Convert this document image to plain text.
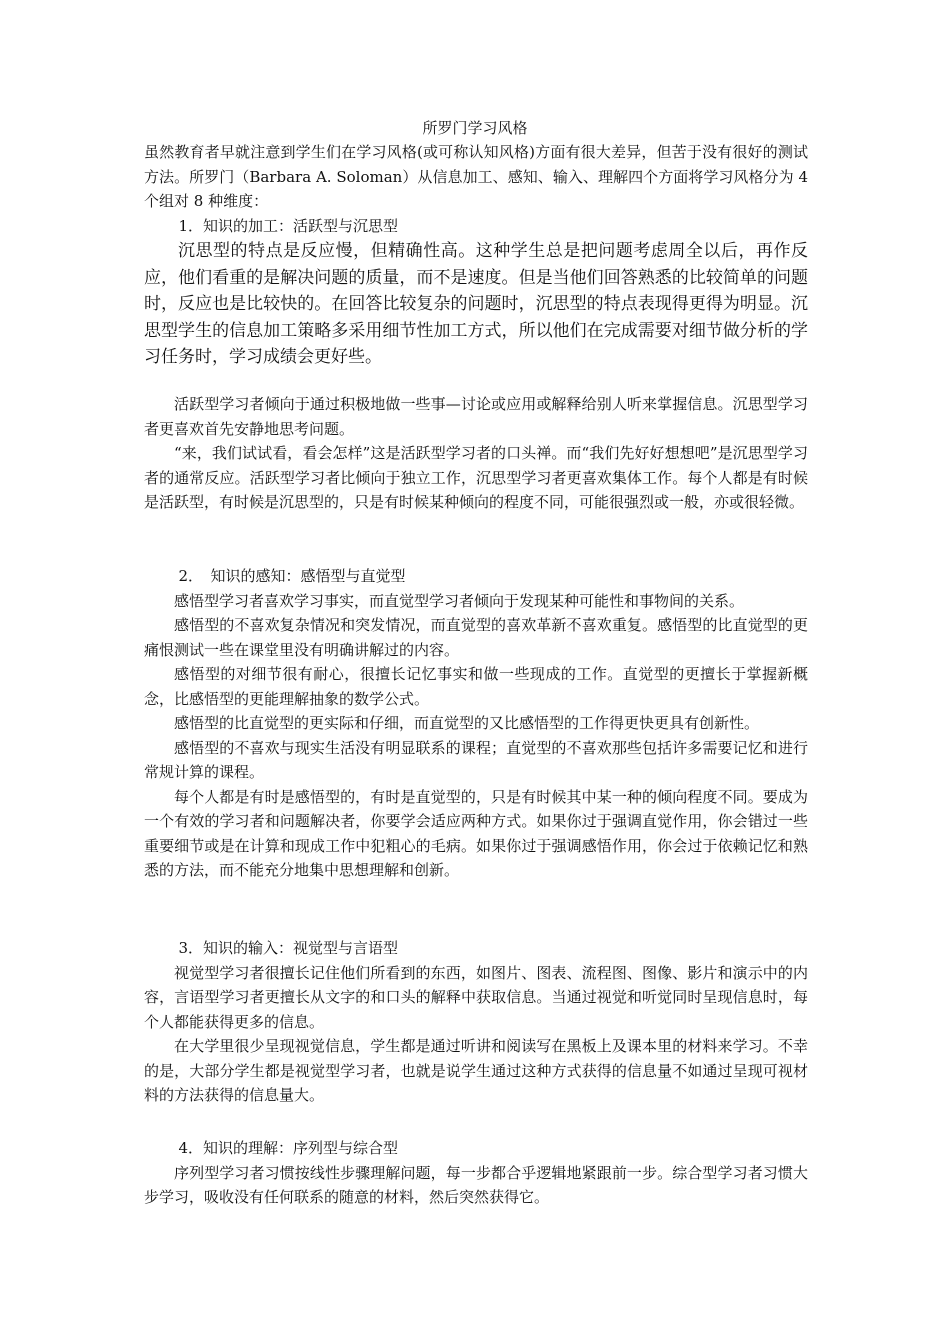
所罗门学习风格

虽然教育者早就注意到学生们在学习风格(或可称认知风格)方面有很大差异，但苦于没有很好的测试方法。所罗门（Barbara A. Soloman）从信息加工、感知、输入、理解四个方面将学习风格分为 4 个组对 8 种维度：

1．知识的加工：活跃型与沉思型

沉思型的特点是反应慢，但精确性高。这种学生总是把问题考虑周全以后，再作反应，他们看重的是解决问题的质量，而不是速度。但是当他们回答熟悉的比较简单的问题时，反应也是比较快的。在回答比较复杂的问题时，沉思型的特点表现得更得为明显。沉思型学生的信息加工策略多采用细节性加工方式，所以他们在完成需要对细节做分析的学习任务时，学习成绩会更好些。

活跃型学习者倾向于通过积极地做一些事—讨论或应用或解释给别人听来掌握信息。沉思型学习者更喜欢首先安静地思考问题。

“来，我们试试看，看会怎样”这是活跃型学习者的口头禅。而“我们先好好想想吧”是沉思型学习者的通常反应。活跃型学习者比倾向于独立工作，沉思型学习者更喜欢集体工作。每个人都是有时候是活跃型，有时候是沉思型的，只是有时候某种倾向的程度不同，可能很强烈或一般，亦或很轻微。

2．　知识的感知：感悟型与直觉型

感悟型学习者喜欢学习事实，而直觉型学习者倾向于发现某种可能性和事物间的关系。

感悟型的不喜欢复杂情况和突发情况，而直觉型的喜欢革新不喜欢重复。感悟型的比直觉型的更痛恨测试一些在课堂里没有明确讲解过的内容。

感悟型的对细节很有耐心，很擅长记忆事实和做一些现成的工作。直觉型的更擅长于掌握新概念，比感悟型的更能理解抽象的数学公式。

感悟型的比直觉型的更实际和仔细，而直觉型的又比感悟型的工作得更快更具有创新性。

感悟型的不喜欢与现实生活没有明显联系的课程；直觉型的不喜欢那些包括许多需要记忆和进行常规计算的课程。

每个人都是有时是感悟型的，有时是直觉型的，只是有时候其中某一种的倾向程度不同。要成为一个有效的学习者和问题解决者，你要学会适应两种方式。如果你过于强调直觉作用，你会错过一些重要细节或是在计算和现成工作中犯粗心的毛病。如果你过于强调感悟作用，你会过于依赖记忆和熟悉的方法，而不能充分地集中思想理解和创新。

3．知识的输入：视觉型与言语型

视觉型学习者很擅长记住他们所看到的东西，如图片、图表、流程图、图像、影片和演示中的内容，言语型学习者更擅长从文字的和口头的解释中获取信息。当通过视觉和听觉同时呈现信息时，每个人都能获得更多的信息。

在大学里很少呈现视觉信息，学生都是通过听讲和阅读写在黑板上及课本里的材料来学习。不幸的是，大部分学生都是视觉型学习者，也就是说学生通过这种方式获得的信息量不如通过呈现可视材料的方法获得的信息量大。

4．知识的理解：序列型与综合型

序列型学习者习惯按线性步骤理解问题，每一步都合乎逻辑地紧跟前一步。综合型学习者习惯大步学习，吸收没有任何联系的随意的材料，然后突然获得它。
